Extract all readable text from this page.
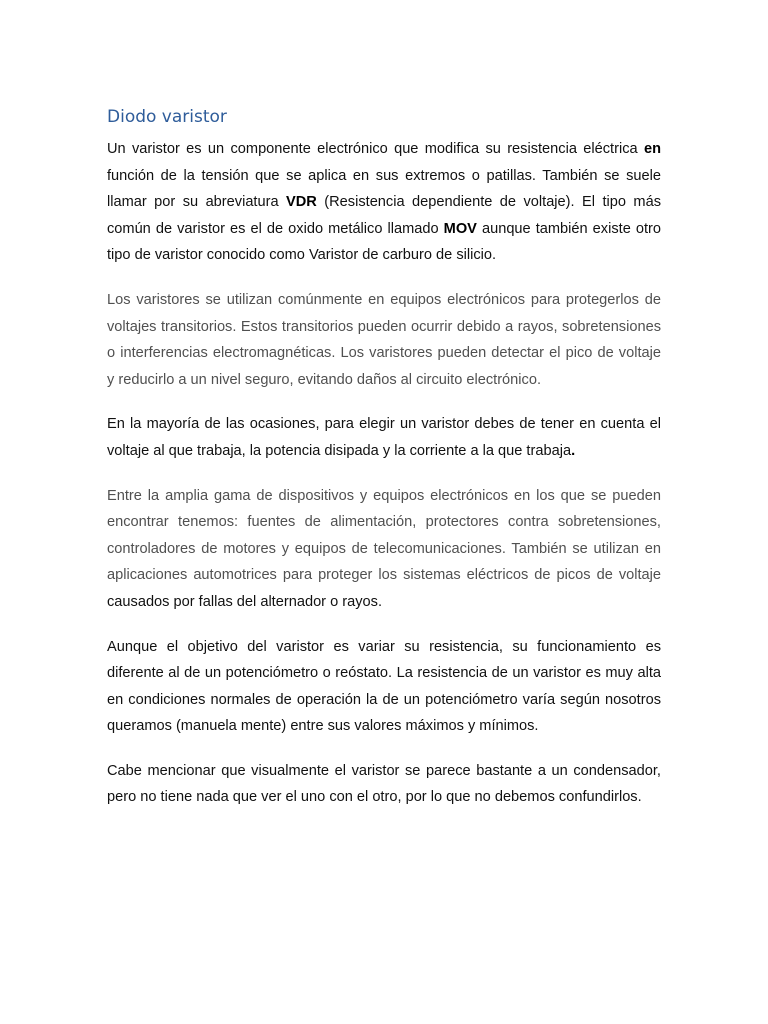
Diodo varistor

Un varistor es un componente electrónico que modifica su resistencia eléctrica en función de la tensión que se aplica en sus extremos o patillas. También se suele llamar por su abreviatura VDR (Resistencia dependiente de voltaje). El tipo más común de varistor es el de oxido metálico llamado MOV aunque también existe otro tipo de varistor conocido como Varistor de carburo de silicio.

Los varistores se utilizan comúnmente en equipos electrónicos para protegerlos de voltajes transitorios. Estos transitorios pueden ocurrir debido a rayos, sobretensiones o interferencias electromagnéticas. Los varistores pueden detectar el pico de voltaje y reducirlo a un nivel seguro, evitando daños al circuito electrónico.

En la mayoría de las ocasiones, para elegir un varistor debes de tener en cuenta el voltaje al que trabaja, la potencia disipada y la corriente a la que trabaja.

Entre la amplia gama de dispositivos y equipos electrónicos en los que se pueden encontrar tenemos: fuentes de alimentación, protectores contra sobretensiones, controladores de motores y equipos de telecomunicaciones. También se utilizan en aplicaciones automotrices para proteger los sistemas eléctricos de picos de voltaje causados por fallas del alternador o rayos.

Aunque el objetivo del varistor es variar su resistencia, su funcionamiento es diferente al de un potenciómetro o reóstato. La resistencia de un varistor es muy alta en condiciones normales de operación la de un potenciómetro varía según nosotros queramos (manuela mente) entre sus valores máximos y mínimos.

Cabe mencionar que visualmente el varistor se parece bastante a un condensador, pero no tiene nada que ver el uno con el otro, por lo que no debemos confundirlos.
